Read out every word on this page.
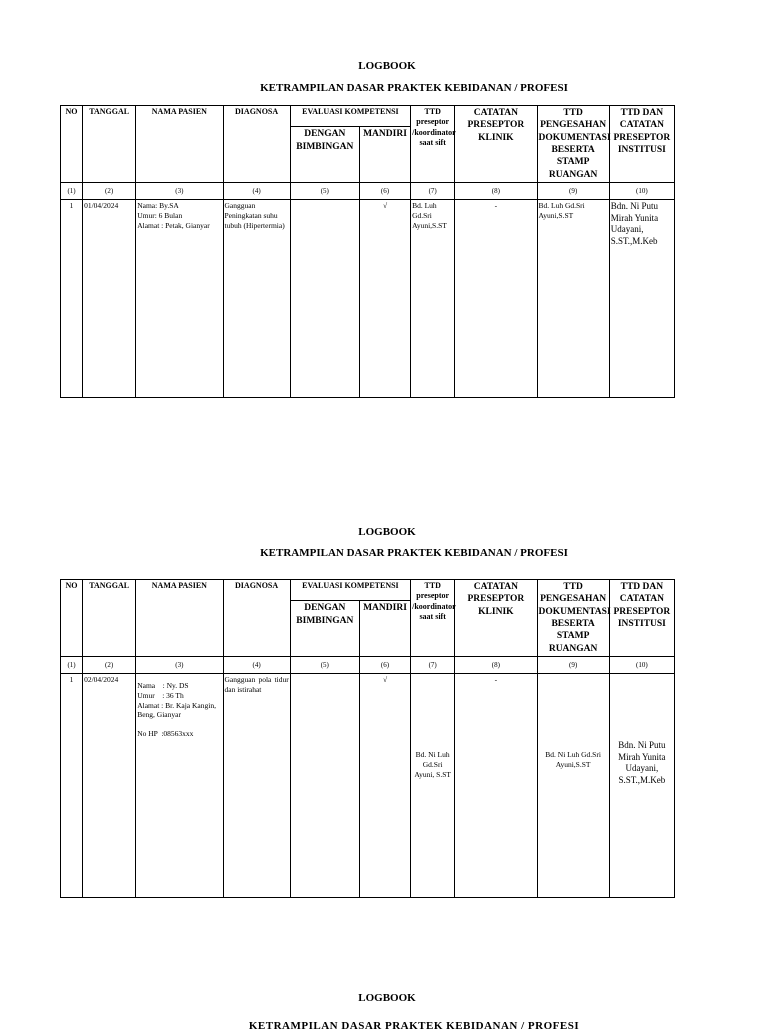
LOGBOOK
KETRAMPILAN DASAR PRAKTEK KEBIDANAN / PROFESI
NO	TANGGAL	NAMA PASIEN	DIAGNOSA	EVALUASI KOMPETENSI		TTD preseptor /koordinator saat sift	CATATAN PRESEPTOR KLINIK	TTD PENGESAHAN DOKUMENTASI BESERTA STAMP RUANGAN	TTD DAN CATATAN PRESEPTOR INSTITUSI
				DENGAN BIMBINGAN	MANDIRI				
(1)	(2)	(3)	(4)	(5)	(6)	(7)	(8)	(9)	(10)
1	01/04/2024	Nama: By.SA
Umur: 6 Bulan
Alamat : Petak, Gianyar	Gangguan Peningkatan suhu tubuh (Hipertermia)		√	Bd. Luh Gd.Sri Ayuni,S.ST	-	Bd. Luh Gd.Sri Ayuni,S.ST	Bdn. Ni Putu Mirah Yunita Udayani, S.ST.,M.Keb
LOGBOOK
KETRAMPILAN DASAR PRAKTEK KEBIDANAN / PROFESI
NO	TANGGAL	NAMA PASIEN	DIAGNOSA	EVALUASI KOMPETENSI		TTD preseptor /koordinator saat sift	CATATAN PRESEPTOR KLINIK	TTD PENGESAHAN DOKUMENTASI BESERTA STAMP RUANGAN	TTD DAN CATATAN PRESEPTOR INSTITUSI
				DENGAN BIMBINGAN	MANDIRI				
(1)	(2)	(3)	(4)	(5)	(6)	(7)	(8)	(9)	(10)
1	02/04/2024	Nama    : Ny. DS
Umur    : 36 Th
Alamat : Br. Kaja Kangin, Beng, Gianyar
No HP  :08563xxx	Gangguan pola tidur dan istirahat		√	Bd. Ni Luh Gd.Sri Ayuni, S.ST	-	Bd. Ni Luh Gd.Sri Ayuni,S.ST	Bdn. Ni Putu Mirah Yunita Udayani, S.ST.,M.Keb
LOGBOOK
KETRAMPILAN DASAR PRAKTEK KEBIDANAN / PROFESI
